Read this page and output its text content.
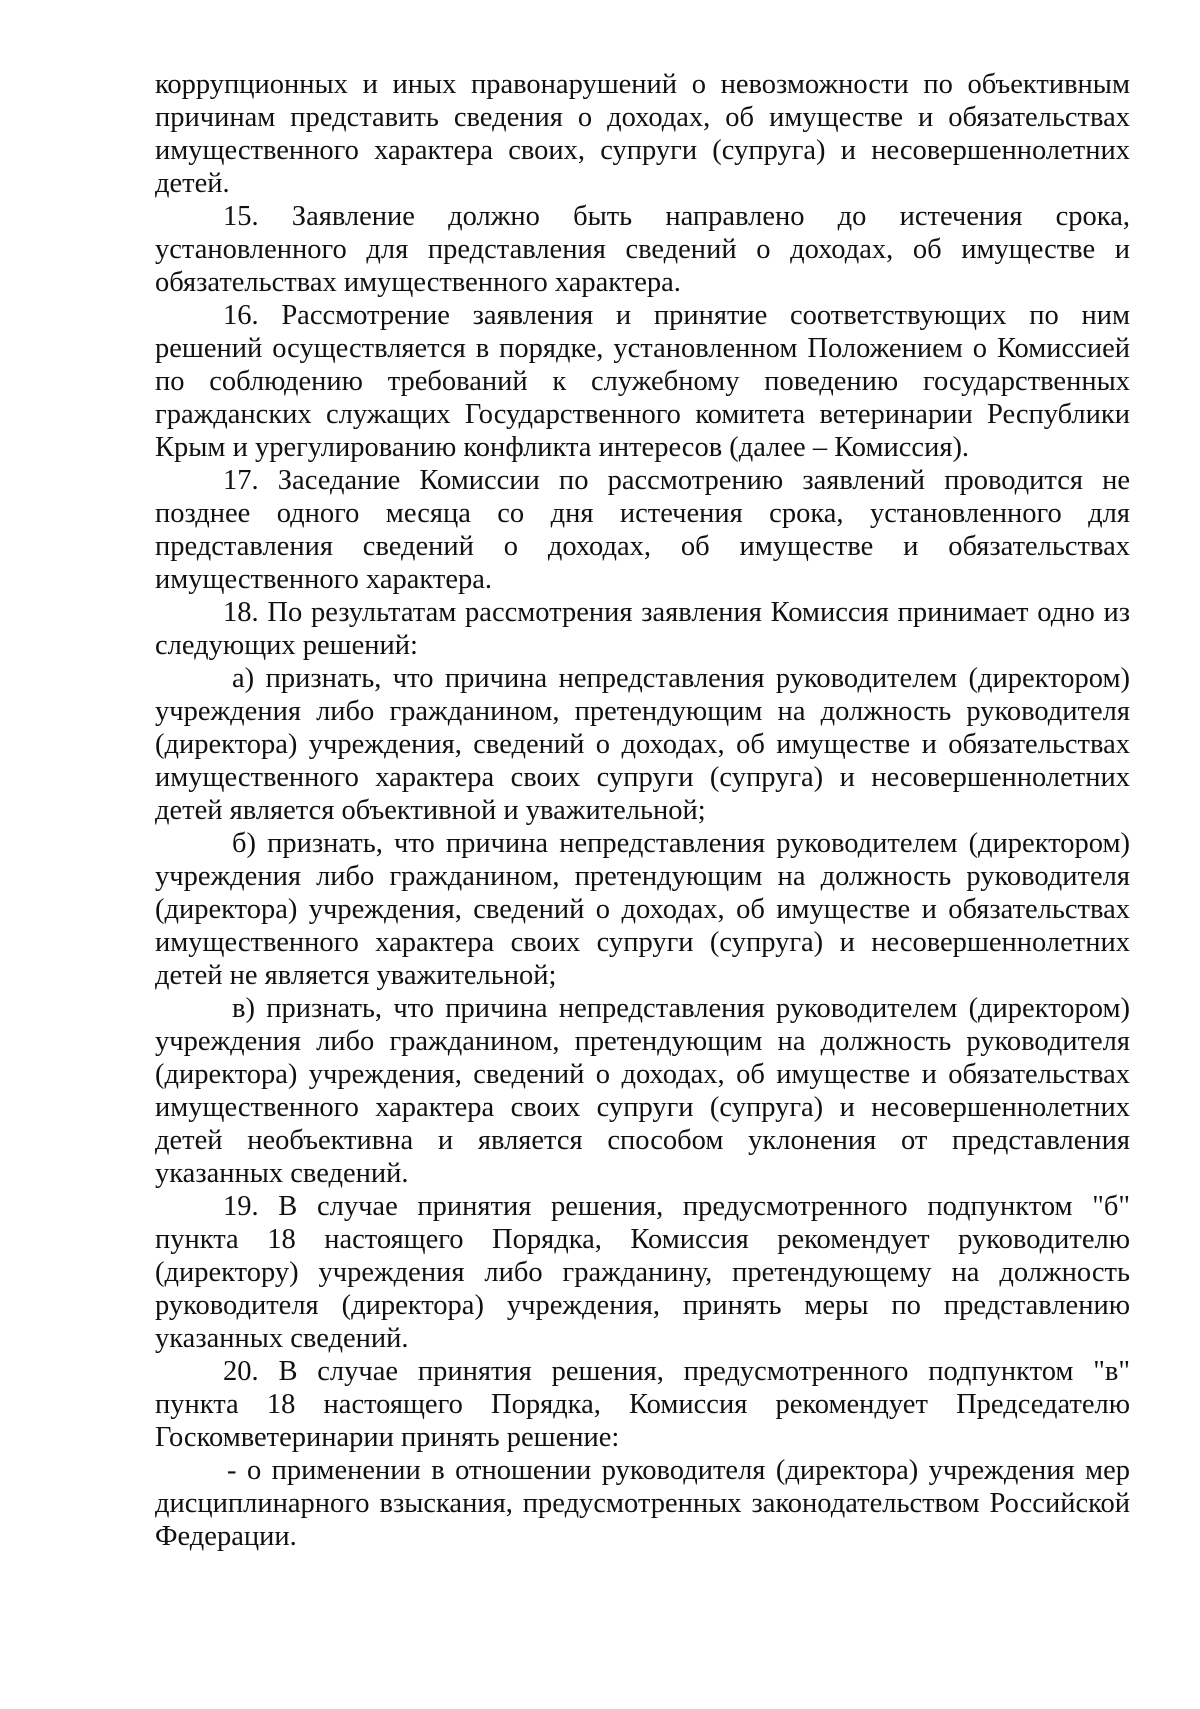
коррупционных и иных правонарушений о невозможности по объективным причинам представить сведения о доходах, об имуществе и обязательствах имущественного характера своих, супруги (супруга) и несовершеннолетних детей.

15. Заявление должно быть направлено до истечения срока, установленного для представления сведений о доходах, об имуществе и обязательствах имущественного характера.

16. Рассмотрение заявления и принятие соответствующих по ним решений осуществляется в порядке, установленном Положением о Комиссией по соблюдению требований к служебному поведению государственных гражданских служащих Государственного комитета ветеринарии Республики Крым и урегулированию конфликта интересов (далее – Комиссия).

17. Заседание Комиссии по рассмотрению заявлений проводится не позднее одного месяца со дня истечения срока, установленного для представления сведений о доходах, об имуществе и обязательствах имущественного характера.

18. По результатам рассмотрения заявления Комиссия принимает одно из следующих решений:

а) признать, что причина непредставления руководителем (директором) учреждения либо гражданином, претендующим на должность руководителя (директора) учреждения, сведений о доходах, об имуществе и обязательствах имущественного характера своих супруги (супруга) и несовершеннолетних детей является объективной и уважительной;

б) признать, что причина непредставления руководителем (директором) учреждения либо гражданином, претендующим на должность руководителя (директора) учреждения, сведений о доходах, об имуществе и обязательствах имущественного характера своих супруги (супруга) и несовершеннолетних детей не является уважительной;

в) признать, что причина непредставления руководителем (директором) учреждения либо гражданином, претендующим на должность руководителя (директора) учреждения, сведений о доходах, об имуществе и обязательствах имущественного характера своих супруги (супруга) и несовершеннолетних детей необъективна и является способом уклонения от представления указанных сведений.

19. В случае принятия решения, предусмотренного подпунктом "б" пункта 18 настоящего Порядка, Комиссия рекомендует руководителю (директору) учреждения либо гражданину, претендующему на должность руководителя (директора) учреждения, принять меры по представлению указанных сведений.

20. В случае принятия решения, предусмотренного подпунктом "в" пункта 18 настоящего Порядка, Комиссия рекомендует Председателю Госкомветеринарии принять решение:

- о применении в отношении руководителя (директора) учреждения мер дисциплинарного взыскания, предусмотренных законодательством Российской Федерации.
